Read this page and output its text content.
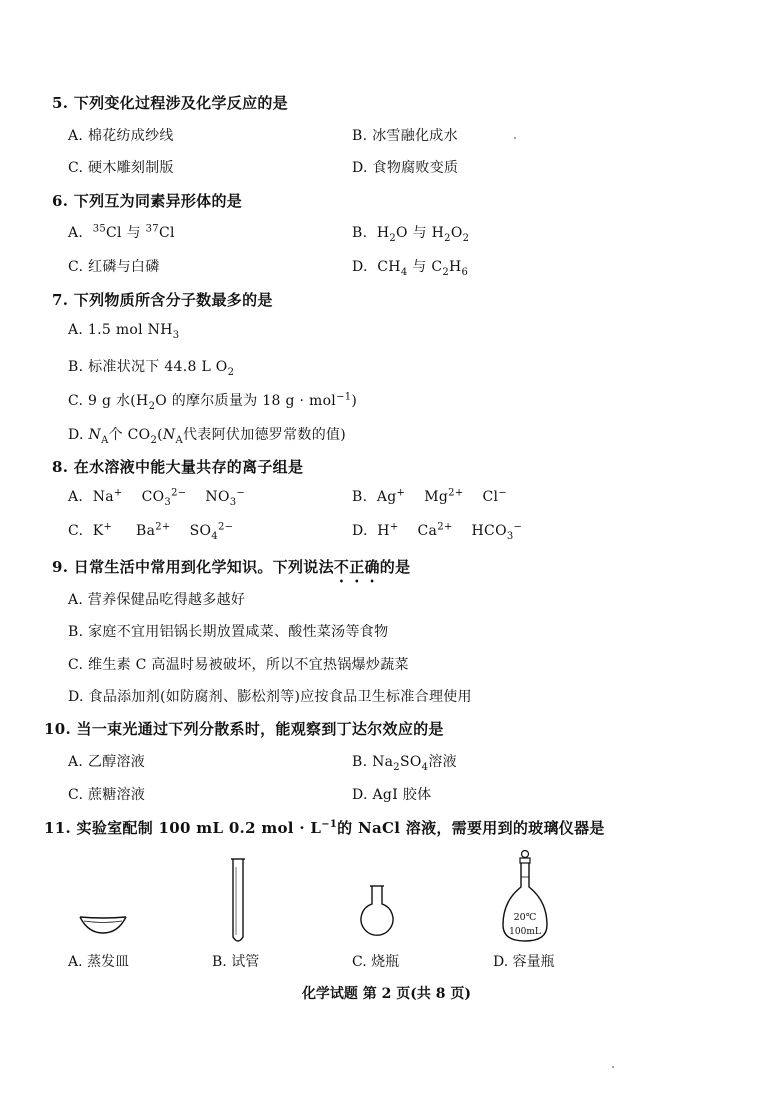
5. 下列变化过程涉及化学反应的是
A. 棉花纺成纱线	B. 冰雪融化成水
C. 硬木雕刻制版	D. 食物腐败变质
6. 下列互为同素异形体的是
A. $^{35}$Cl 与 $^{37}$Cl	B. $H_2O$ 与 $H_2O_2$
C. 红磷与白磷	D. $CH_4$ 与 $C_2H_6$
7. 下列物质所含分子数最多的是
A. 1.5 mol $NH_3$
B. 标准状况下 44.8 L $O_2$
C. 9 g 水($H_2O$ 的摩尔质量为 18 g · mol$^{-1}$)
D. $N_A$个 $CO_2(N_A$代表阿伏加德罗常数的值)
8. 在水溶液中能大量共存的离子组是
A. Na+ $CO_3^{2-}$ $NO_3^-$	B. Ag+ $Mg^{2+}$ Cl−
C. K+ $Ba^{2+}$ $SO_4^{2-}$	D. H+ $Ca^{2+}$ $HCO_3^-$
9. 日常生活中常用到化学知识。下列说法不正确的是
A. 营养保健品吃得越多越好
B. 家庭不宜用铝锅长期放置咸菜、酸性菜汤等食物
C. 维生素 C 高温时易被破坏，所以不宜热锅爆炒蔬菜
D. 食品添加剂(如防腐剂、膨松剂等)应按食品卫生标准合理使用
10. 当一束光通过下列分散系时，能观察到丁达尔效应的是
A. 乙醇溶液	B. $Na_2SO_4$溶液
C. 蔗糖溶液	D. AgI 胶体
11. 实验室配制 100 mL 0.2 mol · $L^{-1}$的 NaCl 溶液，需要用到的玻璃仪器是
20℃
100mL
A. 蒸发皿	B. 试管	C. 烧瓶	D. 容量瓶
化学试题 第 2 页(共 8 页)
